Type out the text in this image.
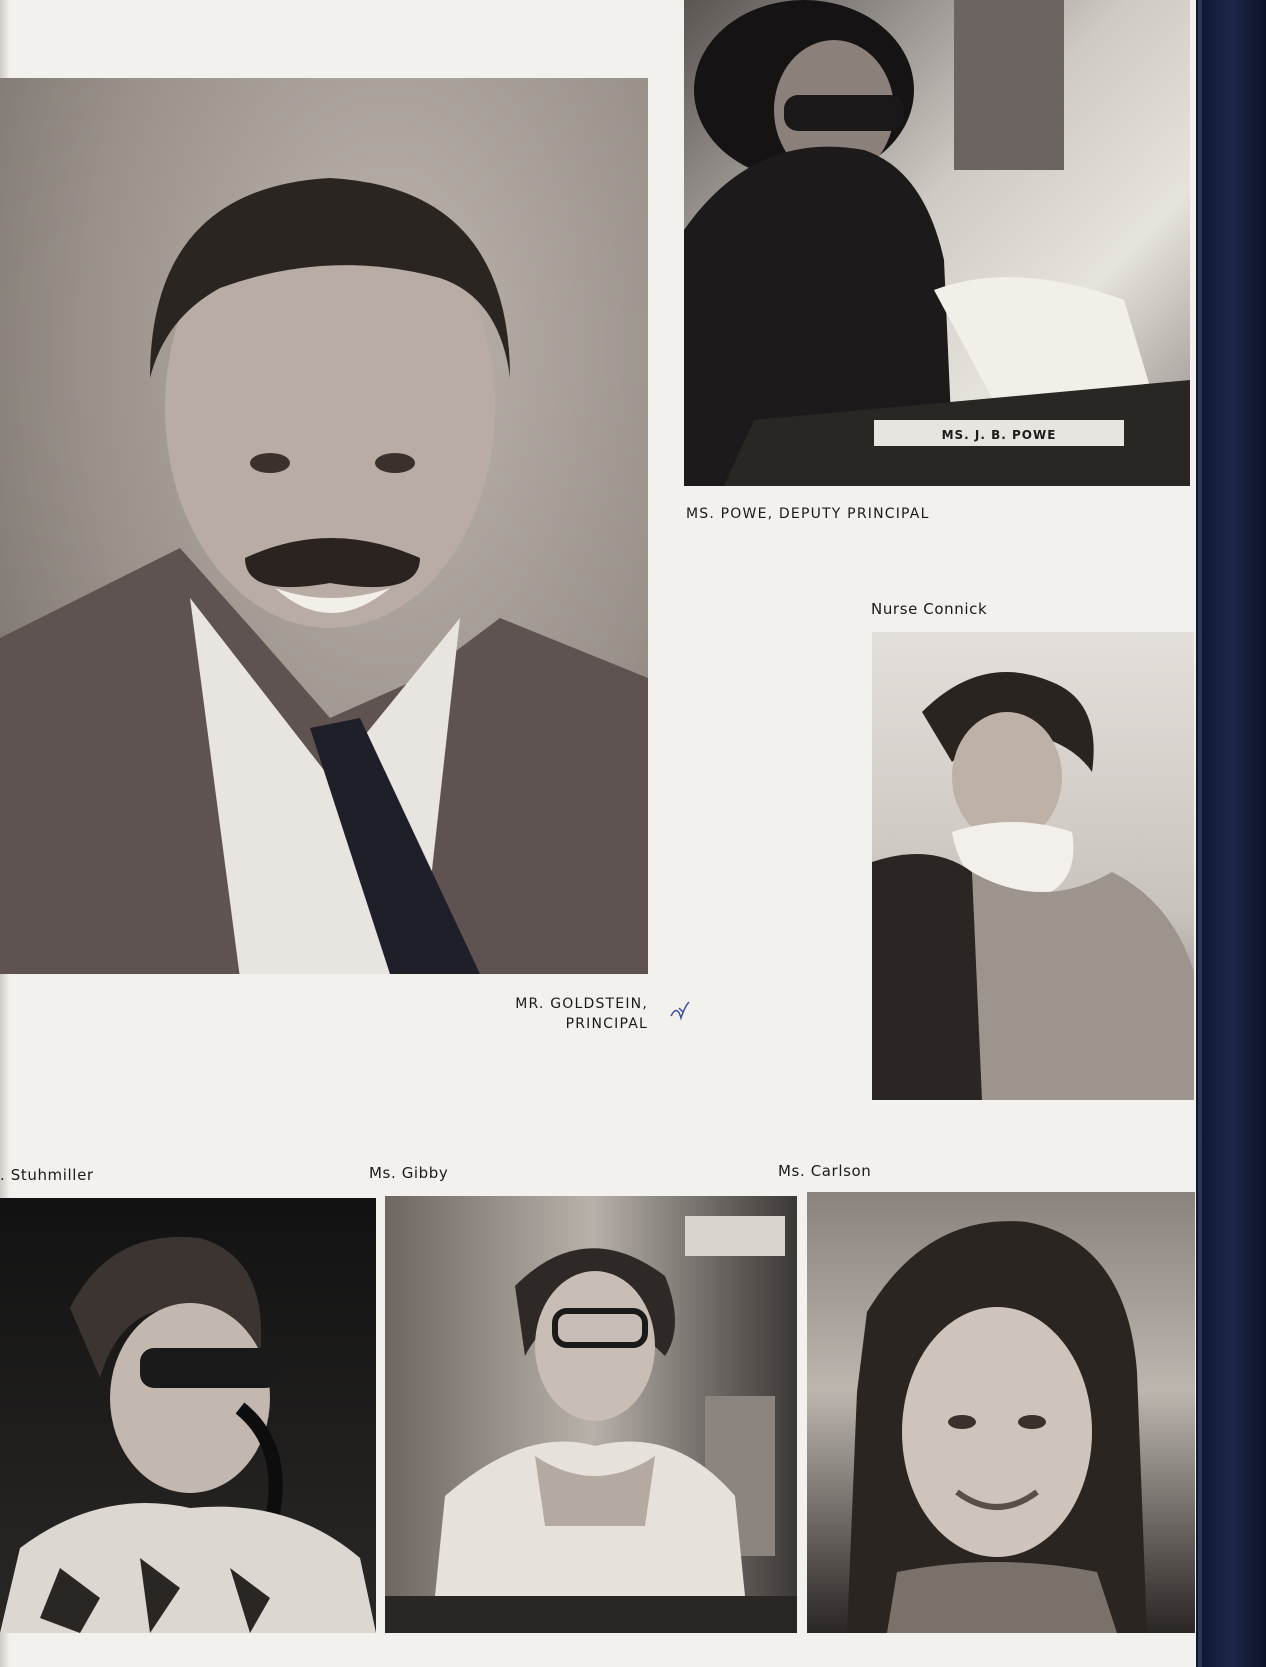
MR. GOLDSTEIN,
PRINCIPAL
MS. J. B. POWE
MS. POWE, DEPUTY PRINCIPAL
Nurse Connick
. Stuhmiller	Ms. Gibby	Ms. Carlson
